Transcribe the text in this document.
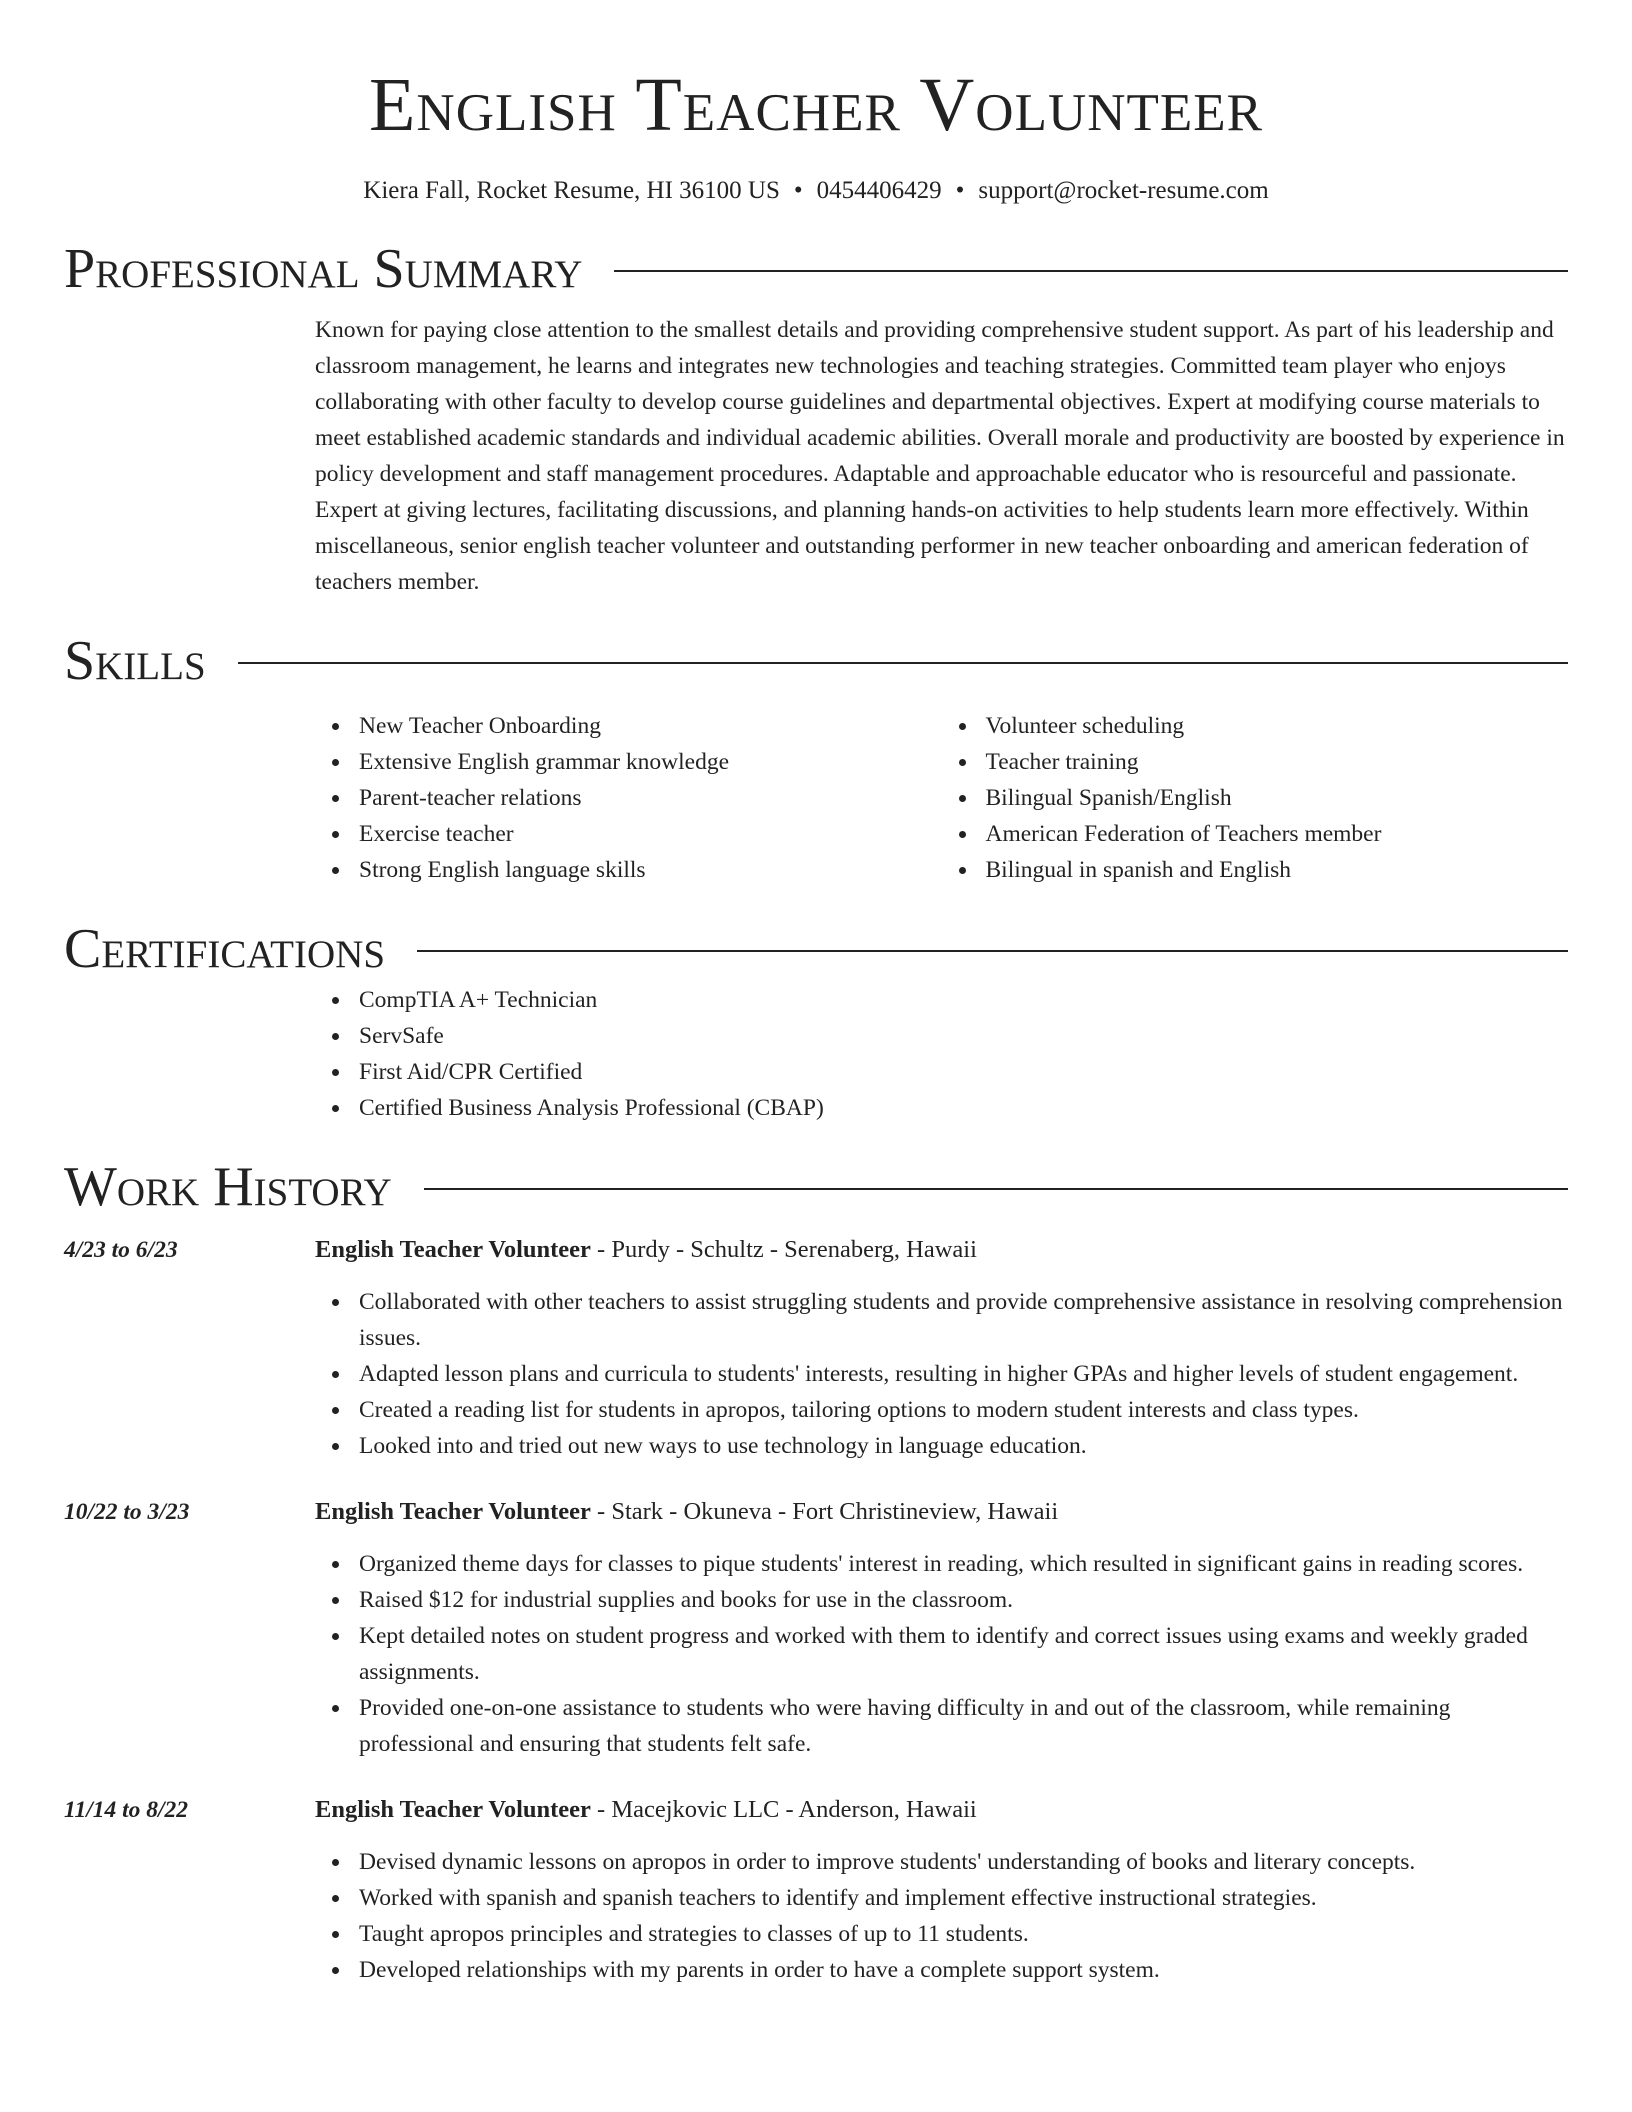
English Teacher Volunteer
Kiera Fall, Rocket Resume, HI 36100 US • 0454406429 • support@rocket-resume.com
Professional Summary

Known for paying close attention to the smallest details and providing comprehensive student support. As part of his leadership and classroom management, he learns and integrates new technologies and teaching strategies. Committed team player who enjoys collaborating with other faculty to develop course guidelines and departmental objectives. Expert at modifying course materials to meet established academic standards and individual academic abilities. Overall morale and productivity are boosted by experience in policy development and staff management procedures. Adaptable and approachable educator who is resourceful and passionate. Expert at giving lectures, facilitating discussions, and planning hands-on activities to help students learn more effectively. Within miscellaneous, senior english teacher volunteer and outstanding performer in new teacher onboarding and american federation of teachers member.

Skills
New Teacher Onboarding
Extensive English grammar knowledge
Parent-teacher relations
Exercise teacher
Strong English language skills
Volunteer scheduling
Teacher training
Bilingual Spanish/English
American Federation of Teachers member
Bilingual in spanish and English
Certifications
CompTIA A+ Technician
ServSafe
First Aid/CPR Certified
Certified Business Analysis Professional (CBAP)
Work History
4/23 to 6/23	English Teacher Volunteer - Purdy - Schultz - Serenaberg, Hawaii
Collaborated with other teachers to assist struggling students and provide comprehensive assistance in resolving comprehension issues.
Adapted lesson plans and curricula to students' interests, resulting in higher GPAs and higher levels of student engagement.
Created a reading list for students in apropos, tailoring options to modern student interests and class types.
Looked into and tried out new ways to use technology in language education.
10/22 to 3/23	English Teacher Volunteer - Stark - Okuneva - Fort Christineview, Hawaii
Organized theme days for classes to pique students' interest in reading, which resulted in significant gains in reading scores.
Raised $12 for industrial supplies and books for use in the classroom.
Kept detailed notes on student progress and worked with them to identify and correct issues using exams and weekly graded assignments.
Provided one-on-one assistance to students who were having difficulty in and out of the classroom, while remaining professional and ensuring that students felt safe.
11/14 to 8/22	English Teacher Volunteer - Macejkovic LLC - Anderson, Hawaii
Devised dynamic lessons on apropos in order to improve students' understanding of books and literary concepts.
Worked with spanish and spanish teachers to identify and implement effective instructional strategies.
Taught apropos principles and strategies to classes of up to 11 students.
Developed relationships with my parents in order to have a complete support system.
